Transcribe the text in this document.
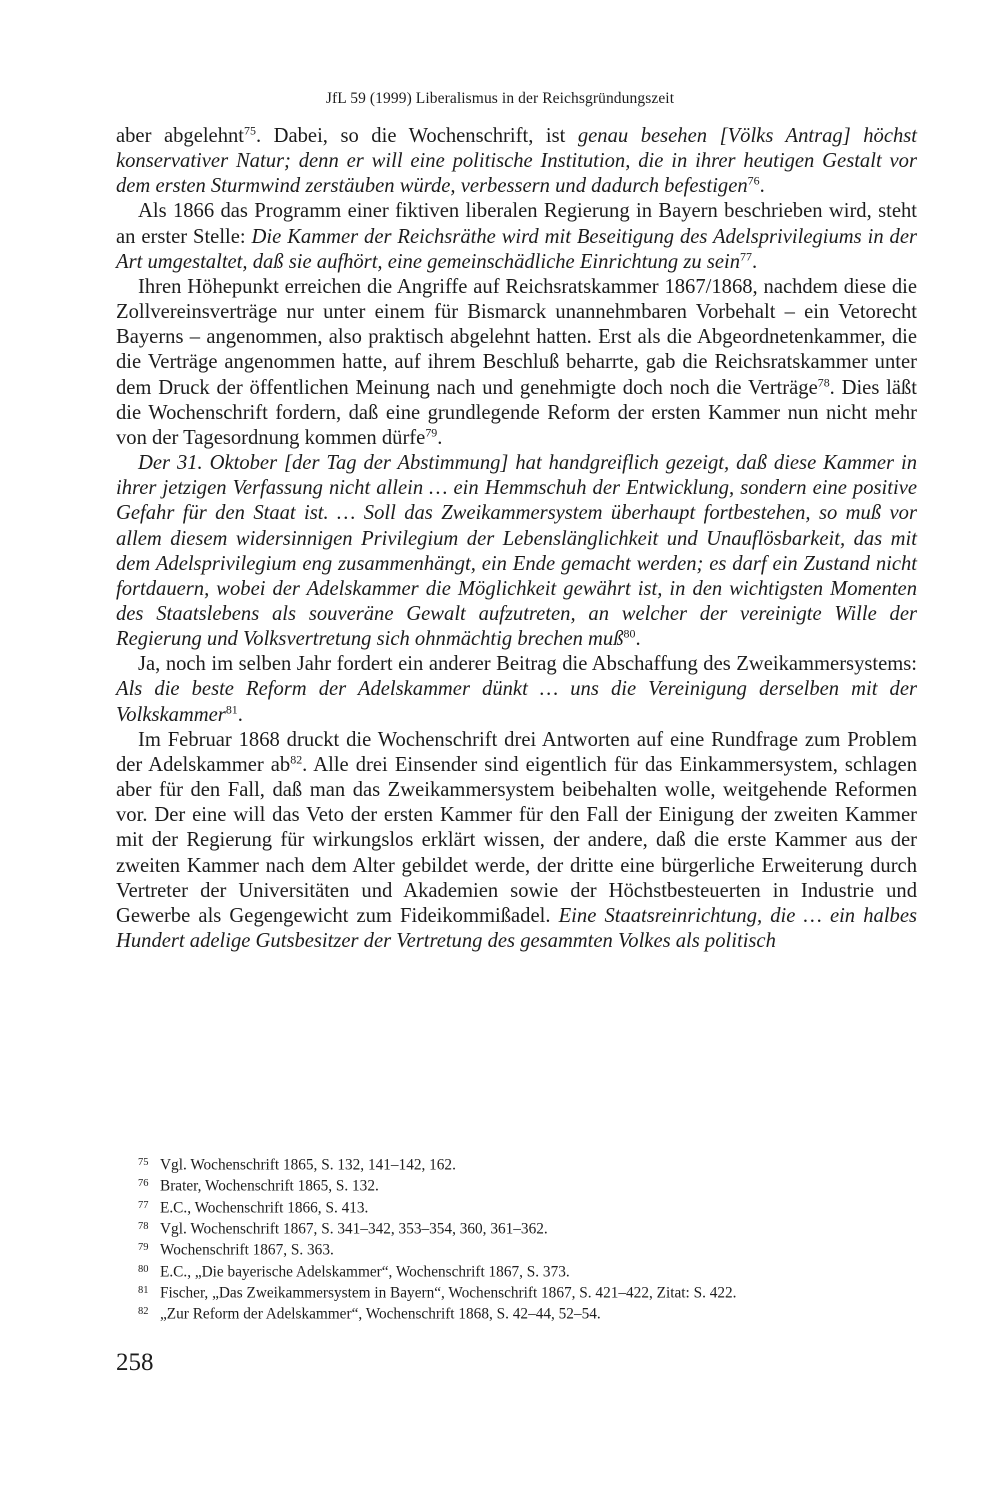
JfL 59 (1999) Liberalismus in der Reichsgründungszeit

aber abgelehnt$^{75}$. Dabei, so die Wochenschrift, ist genau besehen [Völks Antrag] höchst konservativer Natur; denn er will eine politische Institution, die in ihrer heutigen Gestalt vor dem ersten Sturmwind zerstäuben würde, verbessern und dadurch befestigen$^{76}$.

Als 1866 das Programm einer fiktiven liberalen Regierung in Bayern beschrieben wird, steht an erster Stelle: Die Kammer der Reichsräthe wird mit Beseitigung des Adelsprivilegiums in der Art umgestaltet, daß sie aufhört, eine gemeinschädliche Einrichtung zu sein$^{77}$.

Ihren Höhepunkt erreichen die Angriffe auf Reichsratskammer 1867/1868, nachdem diese die Zollvereinsverträge nur unter einem für Bismarck unannehmbaren Vorbehalt – ein Vetorecht Bayerns – angenommen, also praktisch abgelehnt hatten. Erst als die Abgeordnetenkammer, die die Verträge angenommen hatte, auf ihrem Beschluß beharrte, gab die Reichsratskammer unter dem Druck der öffentlichen Meinung nach und genehmigte doch noch die Verträge$^{78}$. Dies läßt die Wochenschrift fordern, daß eine grundlegende Reform der ersten Kammer nun nicht mehr von der Tagesordnung kommen dürfe$^{79}$.

Der 31. Oktober [der Tag der Abstimmung] hat handgreiflich gezeigt, daß diese Kammer in ihrer jetzigen Verfassung nicht allein … ein Hemmschuh der Entwicklung, sondern eine positive Gefahr für den Staat ist. … Soll das Zweikammersystem überhaupt fortbestehen, so muß vor allem diesem widersinnigen Privilegium der Lebenslänglichkeit und Unauflösbarkeit, das mit dem Adelsprivilegium eng zusammenhängt, ein Ende gemacht werden; es darf ein Zustand nicht fortdauern, wobei der Adelskammer die Möglichkeit gewährt ist, in den wichtigsten Momenten des Staatslebens als souveräne Gewalt aufzutreten, an welcher der vereinigte Wille der Regierung und Volksvertretung sich ohnmächtig brechen muß$^{80}$.

Ja, noch im selben Jahr fordert ein anderer Beitrag die Abschaffung des Zweikammersystems: Als die beste Reform der Adelskammer dünkt … uns die Vereinigung derselben mit der Volkskammer$^{81}$.

Im Februar 1868 druckt die Wochenschrift drei Antworten auf eine Rundfrage zum Problem der Adelskammer $ab^{82}$. Alle drei Einsender sind eigentlich für das Einkammersystem, schlagen aber für den Fall, daß man das Zweikammersystem beibehalten wolle, weitgehende Reformen vor. Der eine will das Veto der ersten Kammer für den Fall der Einigung der zweiten Kammer mit der Regierung für wirkungslos erklärt wissen, der andere, daß die erste Kammer aus der zweiten Kammer nach dem Alter gebildet werde, der dritte eine bürgerliche Erweiterung durch Vertreter der Universitäten und Akademien sowie der Höchstbesteuerten in Industrie und Gewerbe als Gegengewicht zum Fideikommißadel. Eine Staatsreinrichtung, die … ein halbes Hundert adelige Gutsbesitzer der Vertretung des gesammten Volkes als politisch

75 Vgl. Wochenschrift 1865, S. 132, 141–142, 162.
76 Brater, Wochenschrift 1865, S. 132.
77 E.C., Wochenschrift 1866, S. 413.
78 Vgl. Wochenschrift 1867, S. 341–342, 353–354, 360, 361–362.
79 Wochenschrift 1867, S. 363.
80 E.C., „Die bayerische Adelskammer“, Wochenschrift 1867, S. 373.
81 Fischer, „Das Zweikammersystem in Bayern“, Wochenschrift 1867, S. 421–422, Zitat: S. 422.
82 „Zur Reform der Adelskammer“, Wochenschrift 1868, S. 42–44, 52–54.
258
